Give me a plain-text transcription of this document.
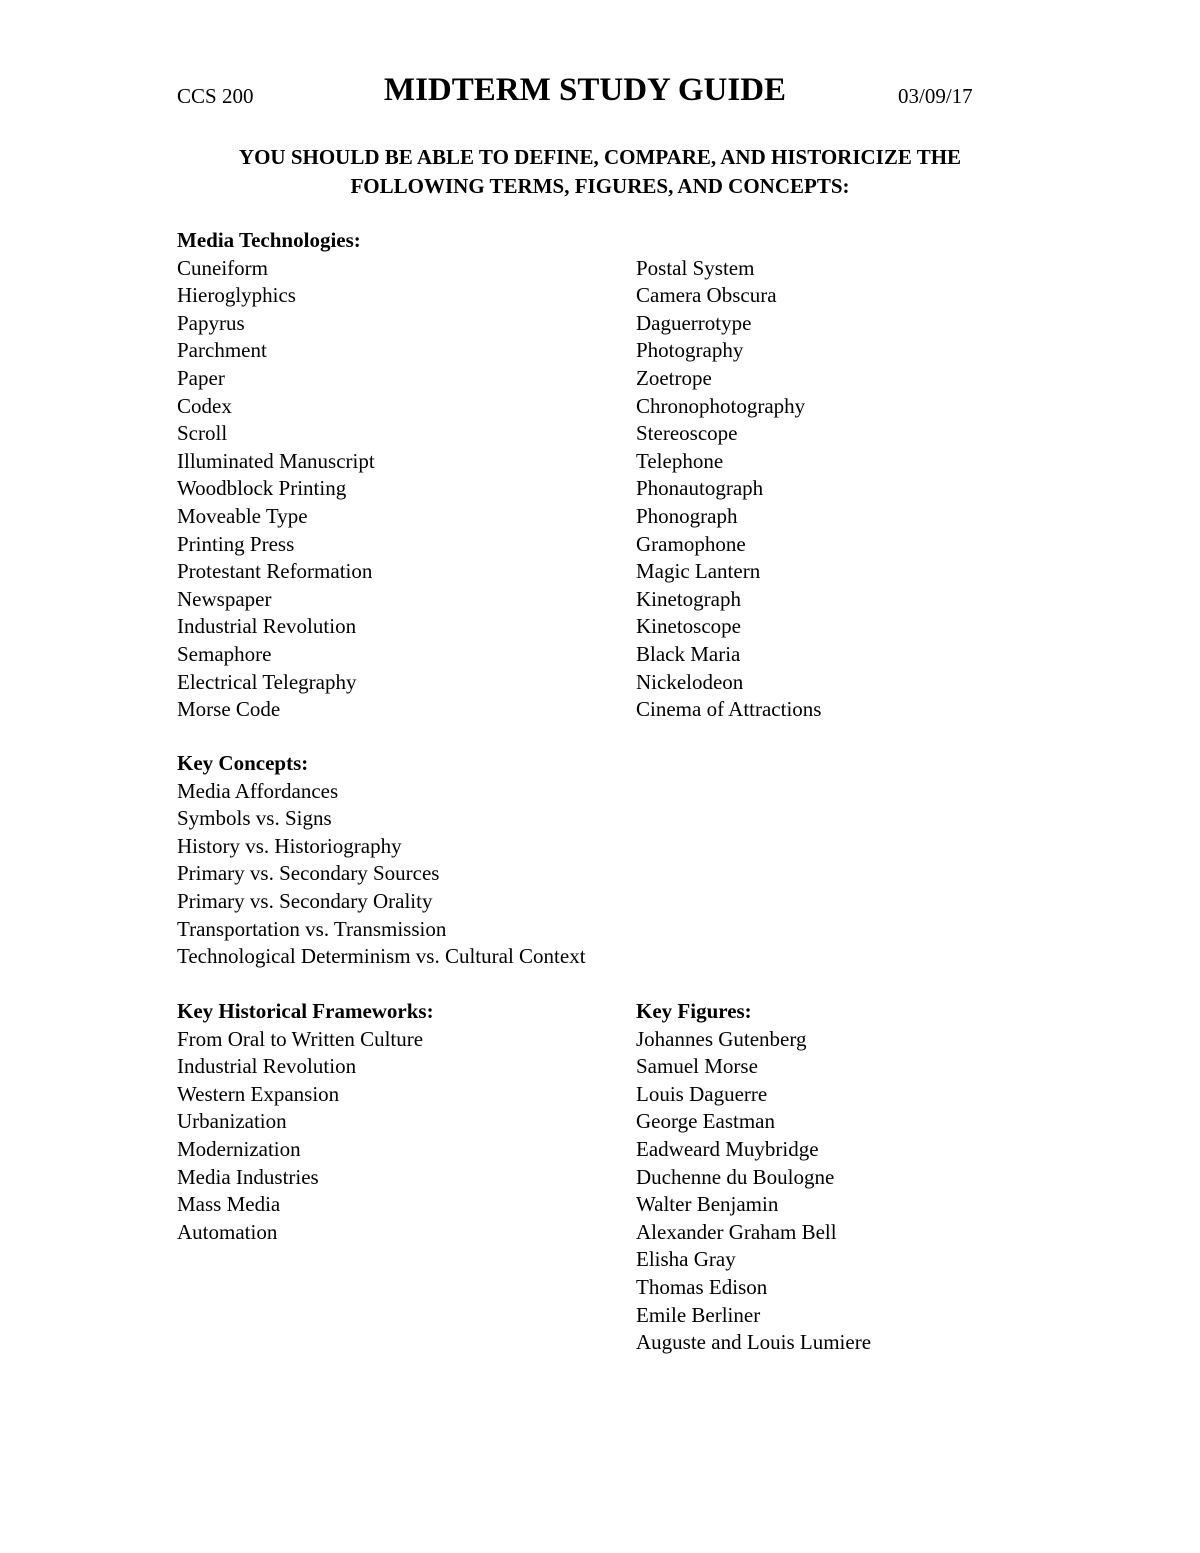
CCS 200	MIDTERM STUDY GUIDE	03/09/17
YOU SHOULD BE ABLE TO DEFINE, COMPARE, AND HISTORICIZE THE
FOLLOWING TERMS, FIGURES, AND CONCEPTS:
Media Technologies:
Cuneiform
Hieroglyphics
Papyrus
Parchment
Paper
Codex
Scroll
Illuminated Manuscript
Woodblock Printing
Moveable Type
Printing Press
Protestant Reformation
Newspaper
Industrial Revolution
Semaphore
Electrical Telegraphy
Morse Code
Postal System
Camera Obscura
Daguerrotype
Photography
Zoetrope
Chronophotography
Stereoscope
Telephone
Phonautograph
Phonograph
Gramophone
Magic Lantern
Kinetograph
Kinetoscope
Black Maria
Nickelodeon
Cinema of Attractions
Key Concepts:
Media Affordances
Symbols vs. Signs
History vs. Historiography
Primary vs. Secondary Sources
Primary vs. Secondary Orality
Transportation vs. Transmission
Technological Determinism vs. Cultural Context
Key Historical Frameworks:
From Oral to Written Culture
Industrial Revolution
Western Expansion
Urbanization
Modernization
Media Industries
Mass Media
Automation
Key Figures:
Johannes Gutenberg
Samuel Morse
Louis Daguerre
George Eastman
Eadweard Muybridge
Duchenne du Boulogne
Walter Benjamin
Alexander Graham Bell
Elisha Gray
Thomas Edison
Emile Berliner
Auguste and Louis Lumiere
